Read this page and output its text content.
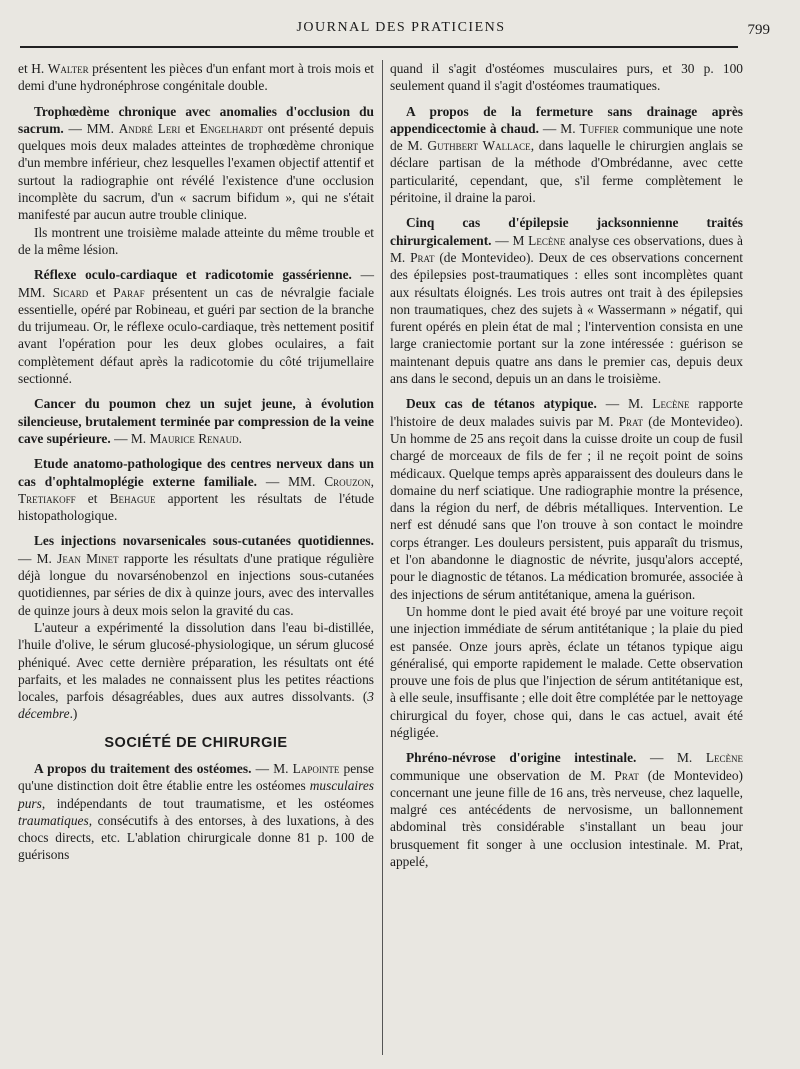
JOURNAL DES PRATICIENS	799

et H. Walter présentent les pièces d'un enfant mort à trois mois et demi d'une hydronéphrose congénitale double.

Trophœdème chronique avec anomalies d'occlusion du sacrum. — MM. André Leri et Engelhardt ont présenté depuis quelques mois deux malades atteintes de trophœdème chronique d'un membre inférieur, chez lesquelles l'examen objectif attentif et surtout la radiographie ont révélé l'existence d'une occlusion incomplète du sacrum, d'un « sacrum bifidum », qui ne s'était manifesté par aucun autre trouble clinique.

Ils montrent une troisième malade atteinte du même trouble et de la même lésion.

Réflexe oculo-cardiaque et radicotomie gassérienne. — MM. Sicard et Paraf présentent un cas de névralgie faciale essentielle, opéré par Robineau, et guéri par section de la branche du trijumeau. Or, le réflexe oculo-cardiaque, très nettement positif avant l'opération pour les deux globes oculaires, a fait complètement défaut après la radicotomie du côté trijumellaire sectionné.

Cancer du poumon chez un sujet jeune, à évolution silencieuse, brutalement terminée par compression de la veine cave supérieure. — M. Maurice Renaud.

Etude anatomo-pathologique des centres nerveux dans un cas d'ophtalmoplégie externe familiale. — MM. Crouzon, Tretiakoff et Behague apportent les résultats de l'étude histopathologique.

Les injections novarsenicales sous-cutanées quotidiennes. — M. Jean Minet rapporte les résultats d'une pratique régulière déjà longue du novarsénobenzol en injections sous-cutanées quotidiennes, par séries de dix à quinze jours, avec des intervalles de quinze jours à deux mois selon la gravité du cas.

L'auteur a expérimenté la dissolution dans l'eau bi-distillée, l'huile d'olive, le sérum glucosé-physiologique, un sérum glucosé phéniqué. Avec cette dernière préparation, les résultats ont été parfaits, et les malades ne connaissent plus les petites réactions locales, parfois désagréables, dues aux autres dissolvants. (3 décembre.)

SOCIÉTÉ DE CHIRURGIE

A propos du traitement des ostéomes. — M. Lapointe pense qu'une distinction doit être établie entre les ostéomes musculaires purs, indépendants de tout traumatisme, et les ostéomes traumatiques, consécutifs à des entorses, à des luxations, à des chocs directs, etc. L'ablation chirurgicale donne 81 p. 100 de guérisons

quand il s'agit d'ostéomes musculaires purs, et 30 p. 100 seulement quand il s'agit d'ostéomes traumatiques.

A propos de la fermeture sans drainage après appendicectomie à chaud. — M. Tuffier communique une note de M. Guthbert Wallace, dans laquelle le chirurgien anglais se déclare partisan de la méthode d'Ombrédanne, avec cette particularité, cependant, que, s'il ferme complètement le péritoine, il draine la paroi.

Cinq cas d'épilepsie jacksonnienne traités chirurgicalement. — M Lecène analyse ces observations, dues à M. Prat (de Montevideo). Deux de ces observations concernent des épilepsies post-traumatiques : elles sont incomplètes quant aux résultats éloignés. Les trois autres ont trait à des épilepsies non traumatiques, chez des sujets à « Wassermann » négatif, qui furent opérés en plein état de mal ; l'intervention consista en une large craniectomie portant sur la zone intéressée : guérison se maintenant depuis quatre ans dans le premier cas, depuis deux ans dans le second, depuis un an dans le troisième.

Deux cas de tétanos atypique. — M. Lecène rapporte l'histoire de deux malades suivis par M. Prat (de Montevideo). Un homme de 25 ans reçoit dans la cuisse droite un coup de fusil chargé de morceaux de fils de fer ; il ne reçoit point de soins médicaux. Quelque temps après apparaissent des douleurs dans le domaine du nerf sciatique. Une radiographie montre la présence, dans la région du nerf, de débris métalliques. Intervention. Le nerf est dénudé sans que l'on trouve à son contact le moindre corps étranger. Les douleurs persistent, puis apparaît du trismus, et l'on abandonne le diagnostic de névrite, jusqu'alors accepté, pour le diagnostic de tétanos. La médication bromurée, associée à des injections de sérum antitétanique, amena la guérison.

Un homme dont le pied avait été broyé par une voiture reçoit une injection immédiate de sérum antitétanique ; la plaie du pied est pansée. Onze jours après, éclate un tétanos typique aigu généralisé, qui emporte rapidement le malade. Cette observation prouve une fois de plus que l'injection de sérum antitétanique est, à elle seule, insuffisante ; elle doit être complétée par le nettoyage chirurgical du foyer, chose qui, dans le cas actuel, avait été négligée.

Phréno-névrose d'origine intestinale. — M. Lecène communique une observation de M. Prat (de Montevideo) concernant une jeune fille de 16 ans, très nerveuse, chez laquelle, malgré ces antécédents de nervosisme, un ballonnement abdominal très considérable s'installant un beau jour brusquement fit songer à une occlusion intestinale. M. Prat, appelé,
